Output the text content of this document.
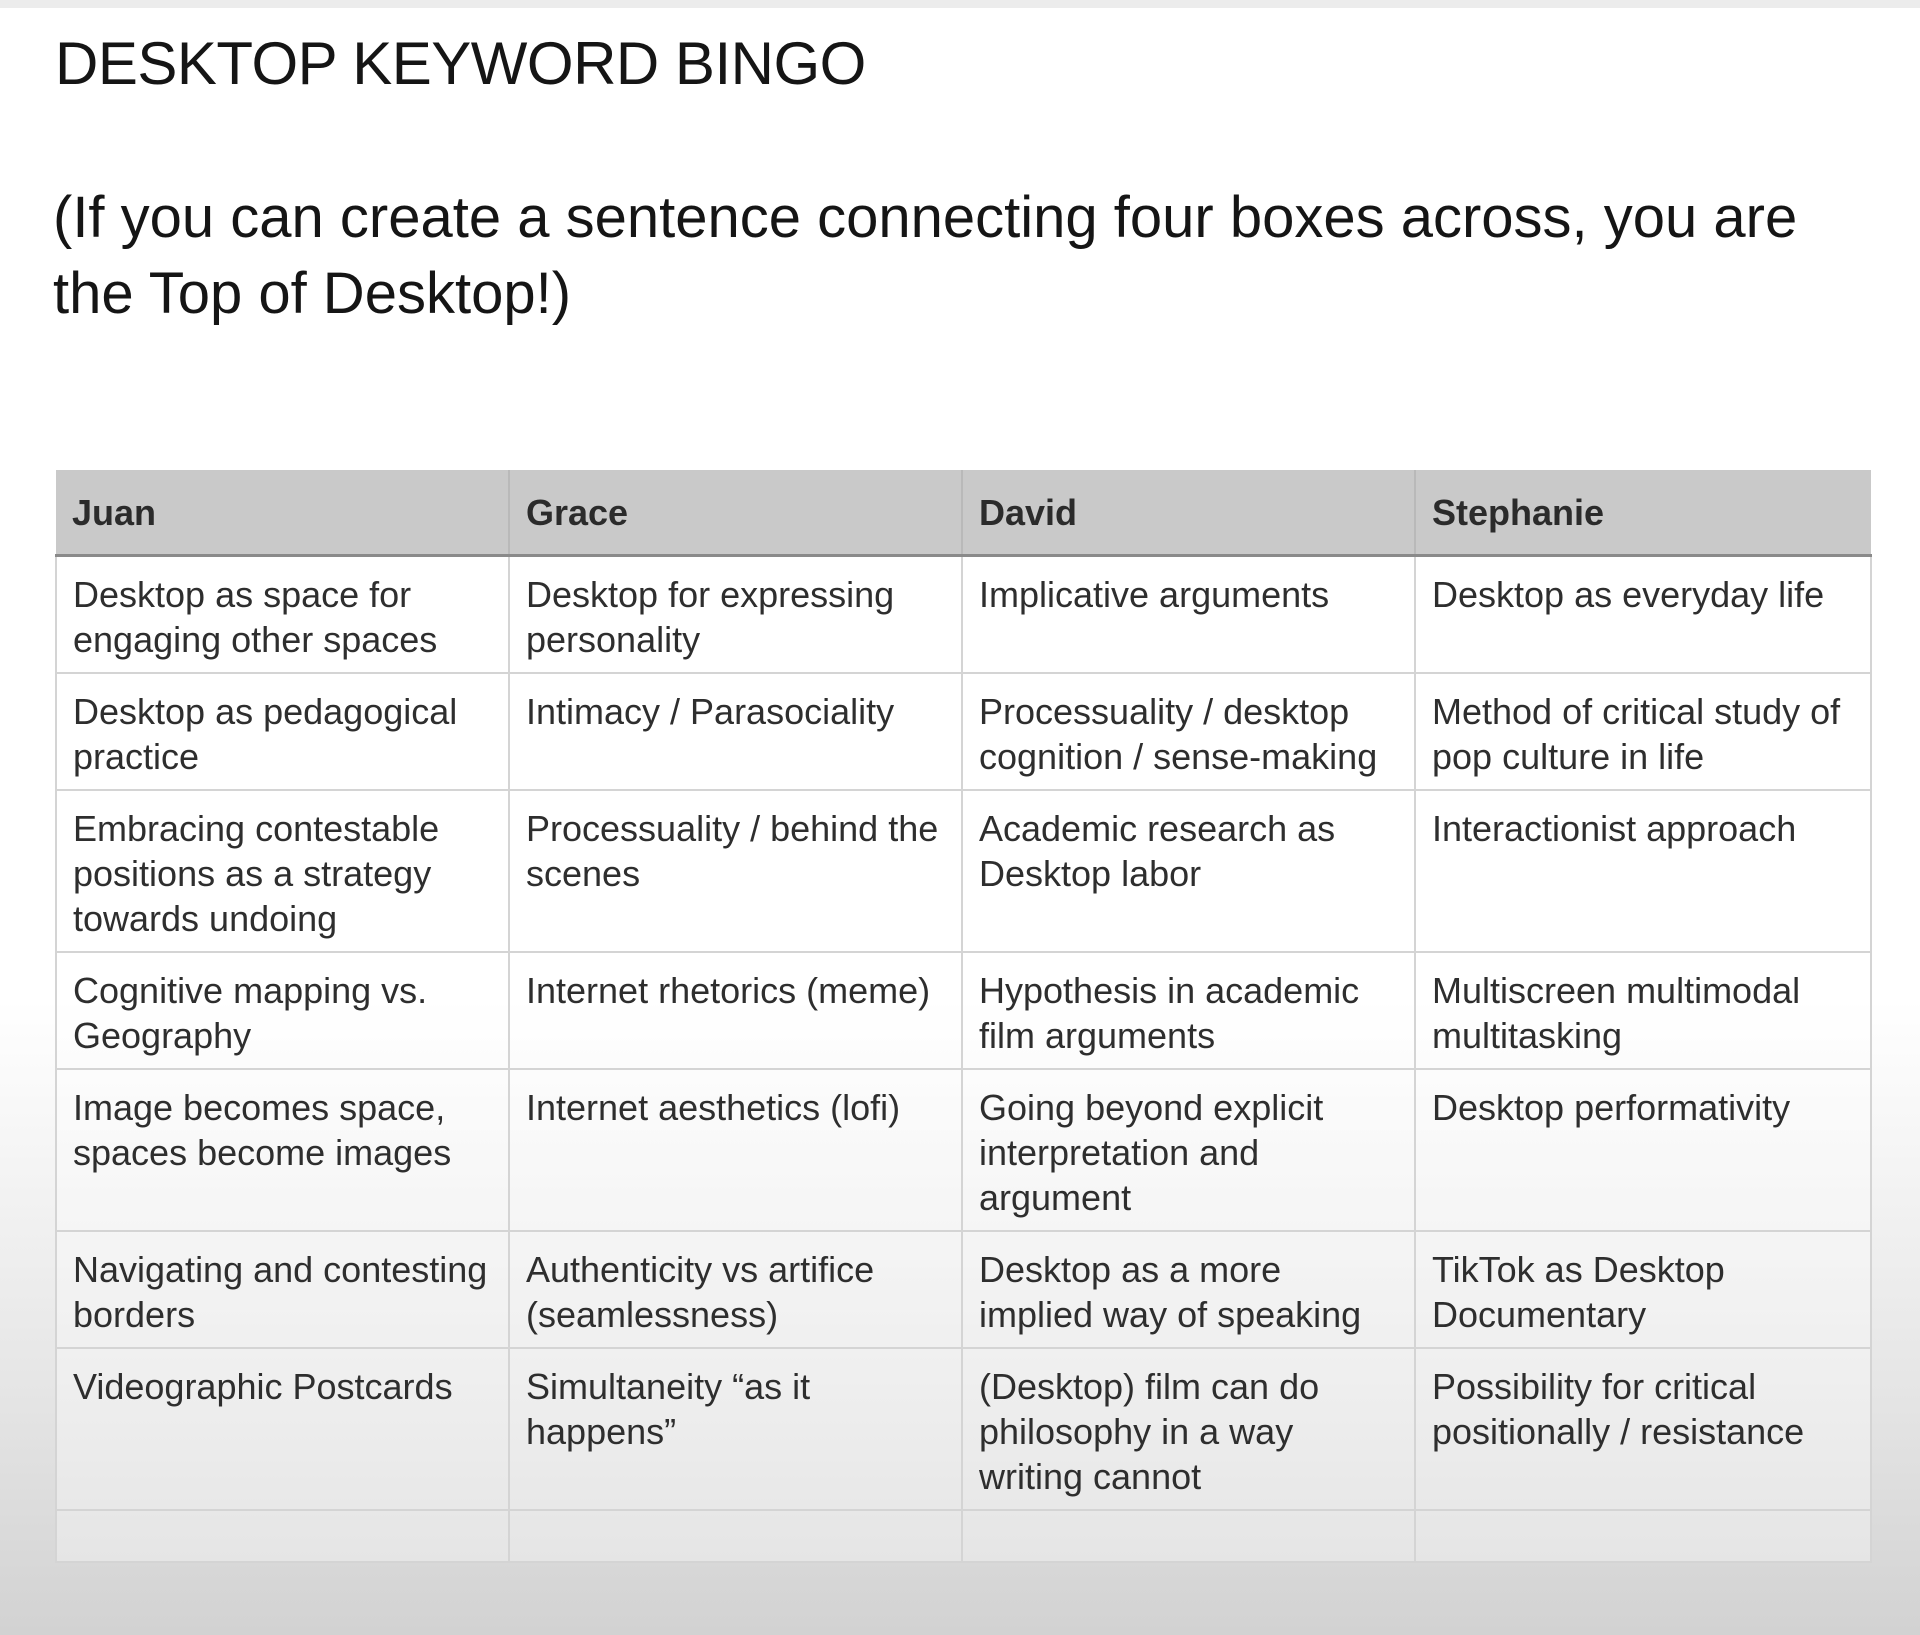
DESKTOP KEYWORD BINGO
(If you can create a sentence connecting four boxes across, you are the Top of Desktop!)
Juan	Grace	David	Stephanie
Desktop as space for engaging other spaces	Desktop for expressing personality	Implicative arguments	Desktop as everyday life
Desktop as pedagogical practice	Intimacy / Parasociality	Processuality / desktop cognition / sense-making	Method of critical study of pop culture in life
Embracing contestable positions as a strategy towards undoing	Processuality / behind the scenes	Academic research as Desktop labor	Interactionist approach
Cognitive mapping vs. Geography	Internet rhetorics (meme)	Hypothesis in academic film arguments	Multiscreen multimodal multitasking
Image becomes space, spaces become images	Internet aesthetics (lofi)	Going beyond explicit interpretation and argument	Desktop performativity
Navigating and contesting borders	Authenticity vs artifice (seamlessness)	Desktop as a more implied way of speaking	TikTok as Desktop Documentary
Videographic Postcards	Simultaneity “as it happens”	(Desktop) film can do philosophy in a way writing cannot	Possibility for critical positionally / resistance
